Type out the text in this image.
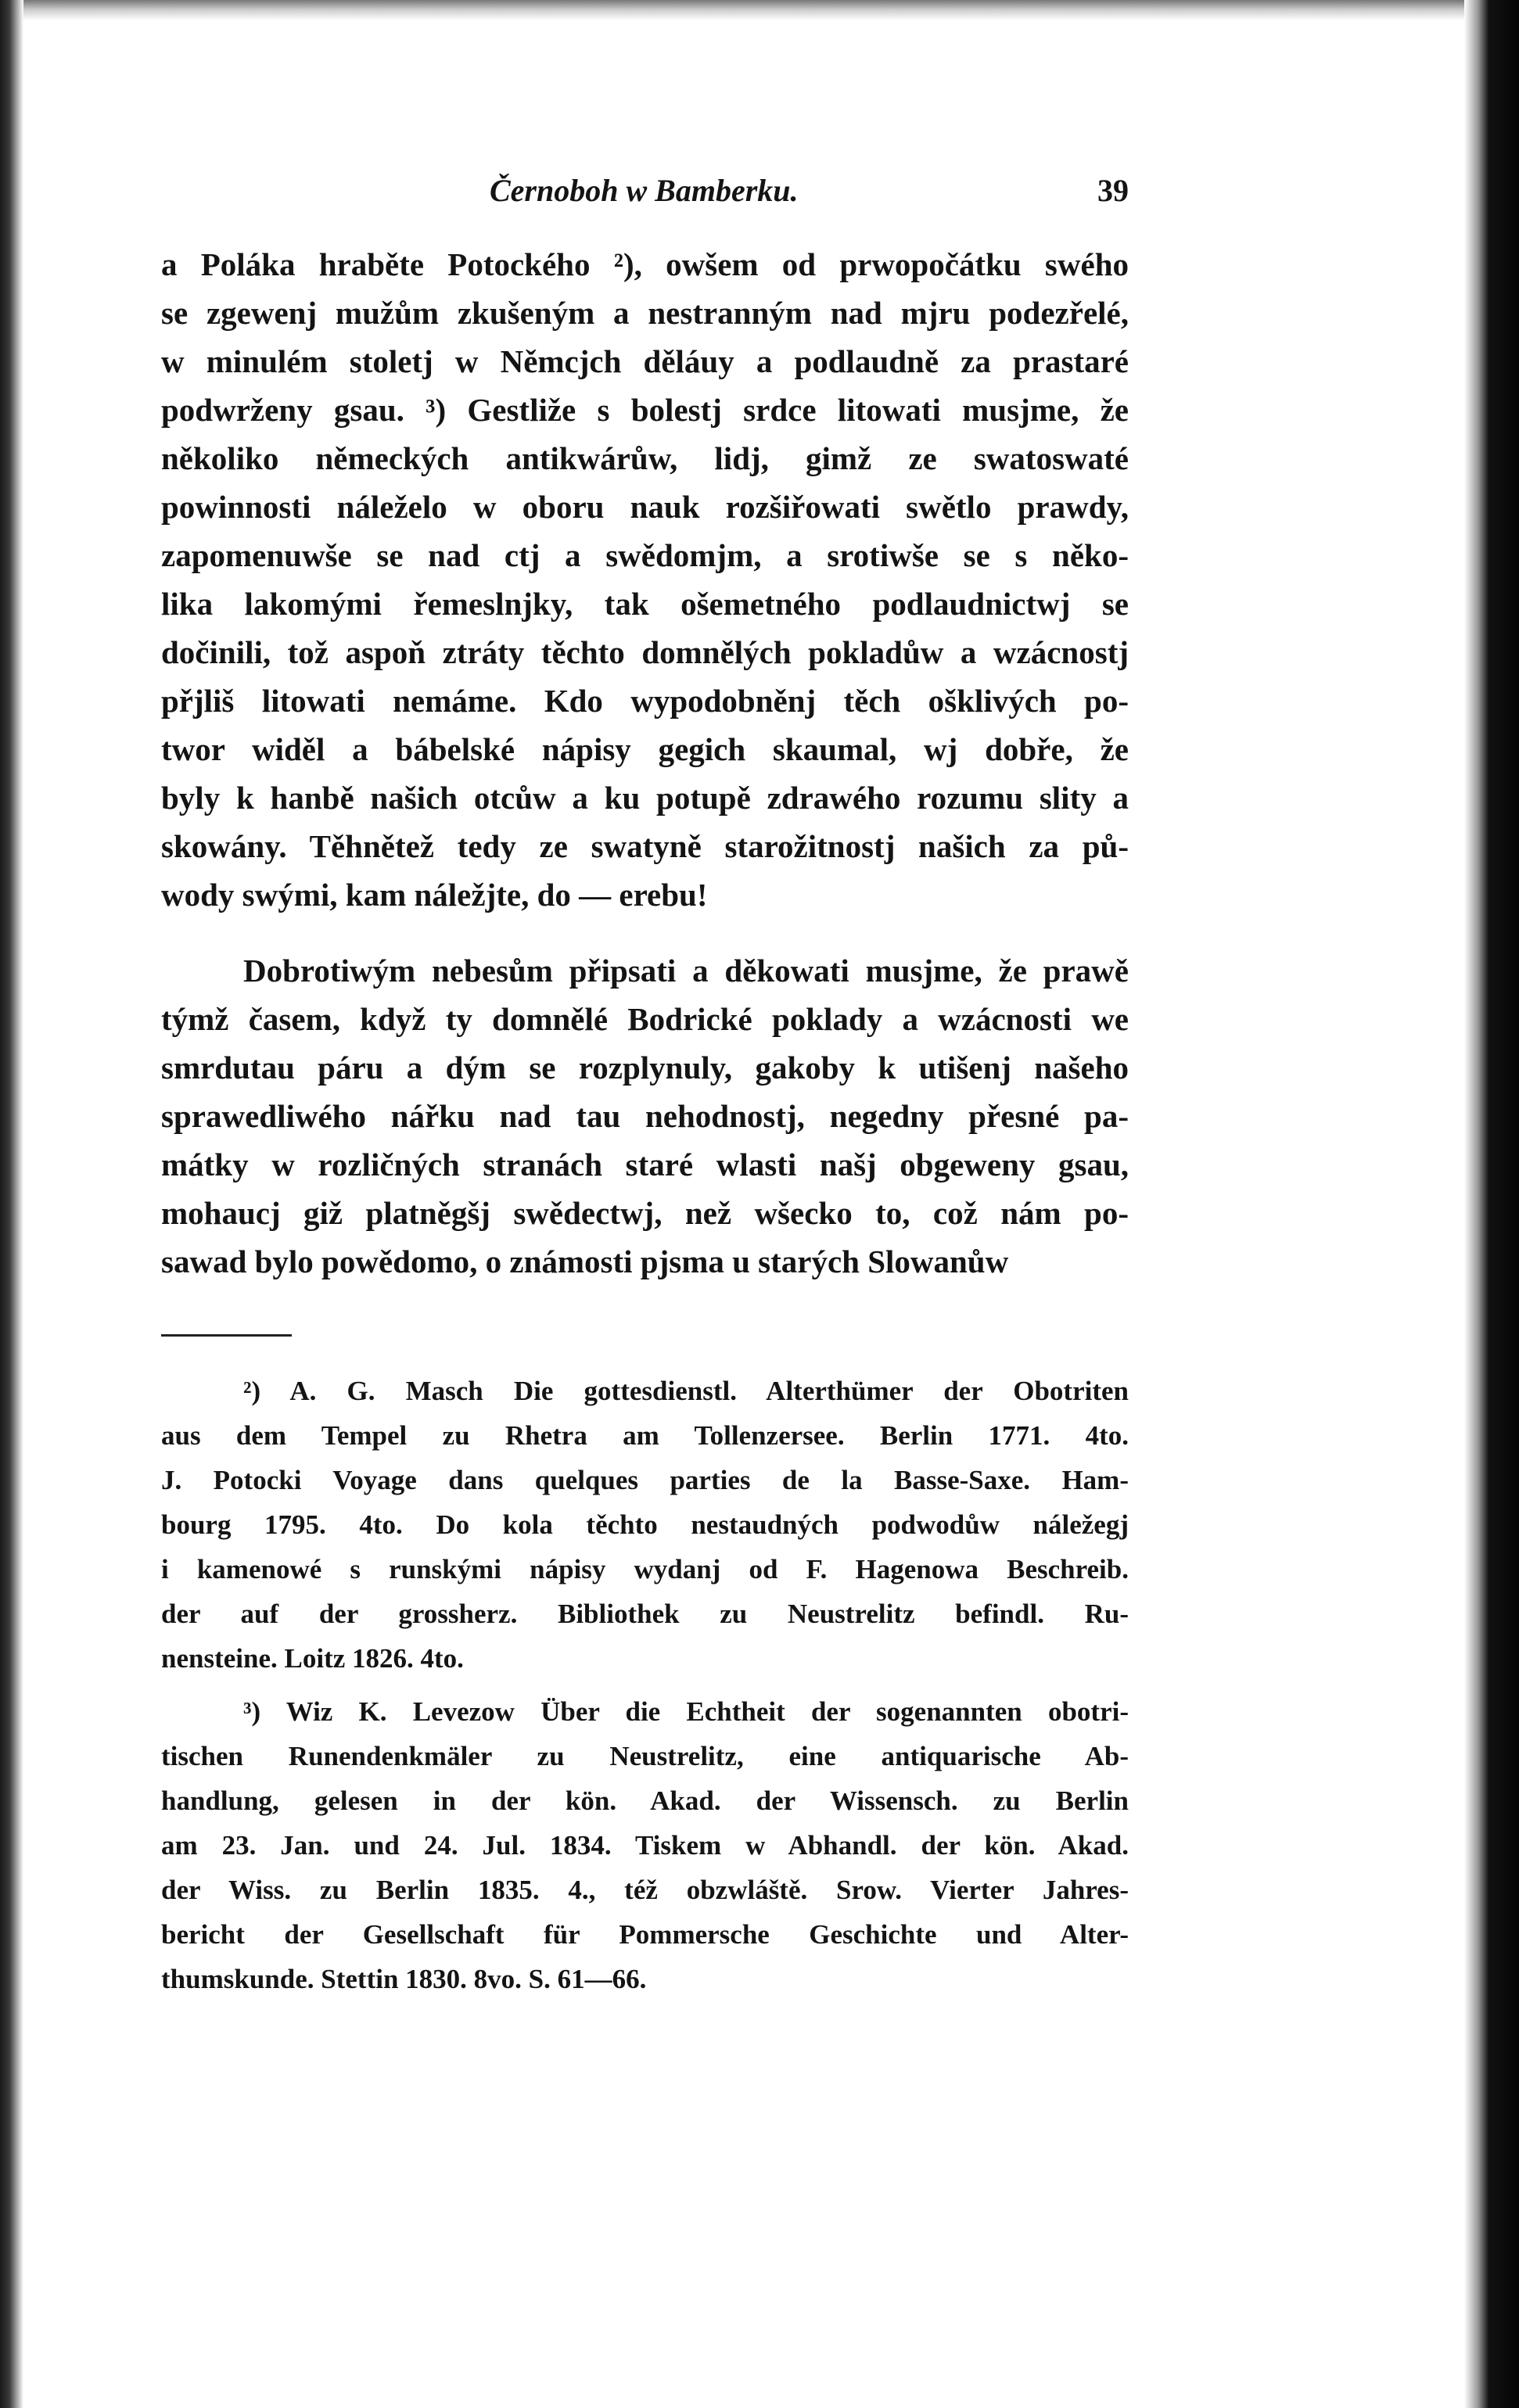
Černoboh w Bamberku.	39
a Poláka hraběte Potockého ²), owšem od prwopočátku swého
se zgewenj mužům zkušeným a nestranným nad mjru podezřelé,
w minulém stoletj w Němcjch děláuy a podlaudně za prastaré
podwrženy gsau. ³) Gestliže s bolestj srdce litowati musjme, že
několiko německých antikwárůw, lidj, gimž ze swatoswaté
powinnosti náleželo w oboru nauk rozšiřowati swětlo prawdy,
zapomenuwše se nad ctj a swědomjm, a srotiwše se s něko-
lika lakomými řemeslnjky, tak ošemetného podlaudnictwj se
dočinili, tož aspoň ztráty těchto domnělých pokladůw a wzácnostj
přjliš litowati nemáme. Kdo wypodobněnj těch ošklivých po-
twor widěl a bábelské nápisy gegich skaumal, wj dobře, že
byly k hanbě našich otcůw a ku potupě zdrawého rozumu slity a
skowány. Těhnětež tedy ze swatyně starožitnostj našich za pů-
wody swými, kam náležjte, do — erebu!
Dobrotiwým nebesům připsati a děkowati musjme, že prawě
týmž časem, když ty domnělé Bodrické poklady a wzácnosti we
smrdutau páru a dým se rozplynuly, gakoby k utišenj našeho
sprawedliwého nářku nad tau nehodnostj, negedny přesné pa-
mátky w rozličných stranách staré wlasti našj obgeweny gsau,
mohaucj giž platněgšj swědectwj, než wšecko to, což nám po-
sawad bylo powědomo, o známosti pjsma u starých Slowanůw
²) A. G. Masch Die gottesdienstl. Alterthümer der Obotriten
aus dem Tempel zu Rhetra am Tollenzersee. Berlin 1771. 4to.
J. Potocki Voyage dans quelques parties de la Basse-Saxe. Ham-
bourg 1795. 4to. Do kola těchto nestaudných podwodůw náležegj
i kamenowé s runskými nápisy wydanj od F. Hagenowa Beschreib.
der auf der grossherz. Bibliothek zu Neustrelitz befindl. Ru-
nensteine. Loitz 1826. 4to.
³) Wiz K. Levezow Über die Echtheit der sogenannten obotri-
tischen Runendenkmäler zu Neustrelitz, eine antiquarische Ab-
handlung, gelesen in der kön. Akad. der Wissensch. zu Berlin
am 23. Jan. und 24. Jul. 1834. Tiskem w Abhandl. der kön. Akad.
der Wiss. zu Berlin 1835. 4., též obzwláště. Srow. Vierter Jahres-
bericht der Gesellschaft für Pommersche Geschichte und Alter-
thumskunde. Stettin 1830. 8vo. S. 61—66.
